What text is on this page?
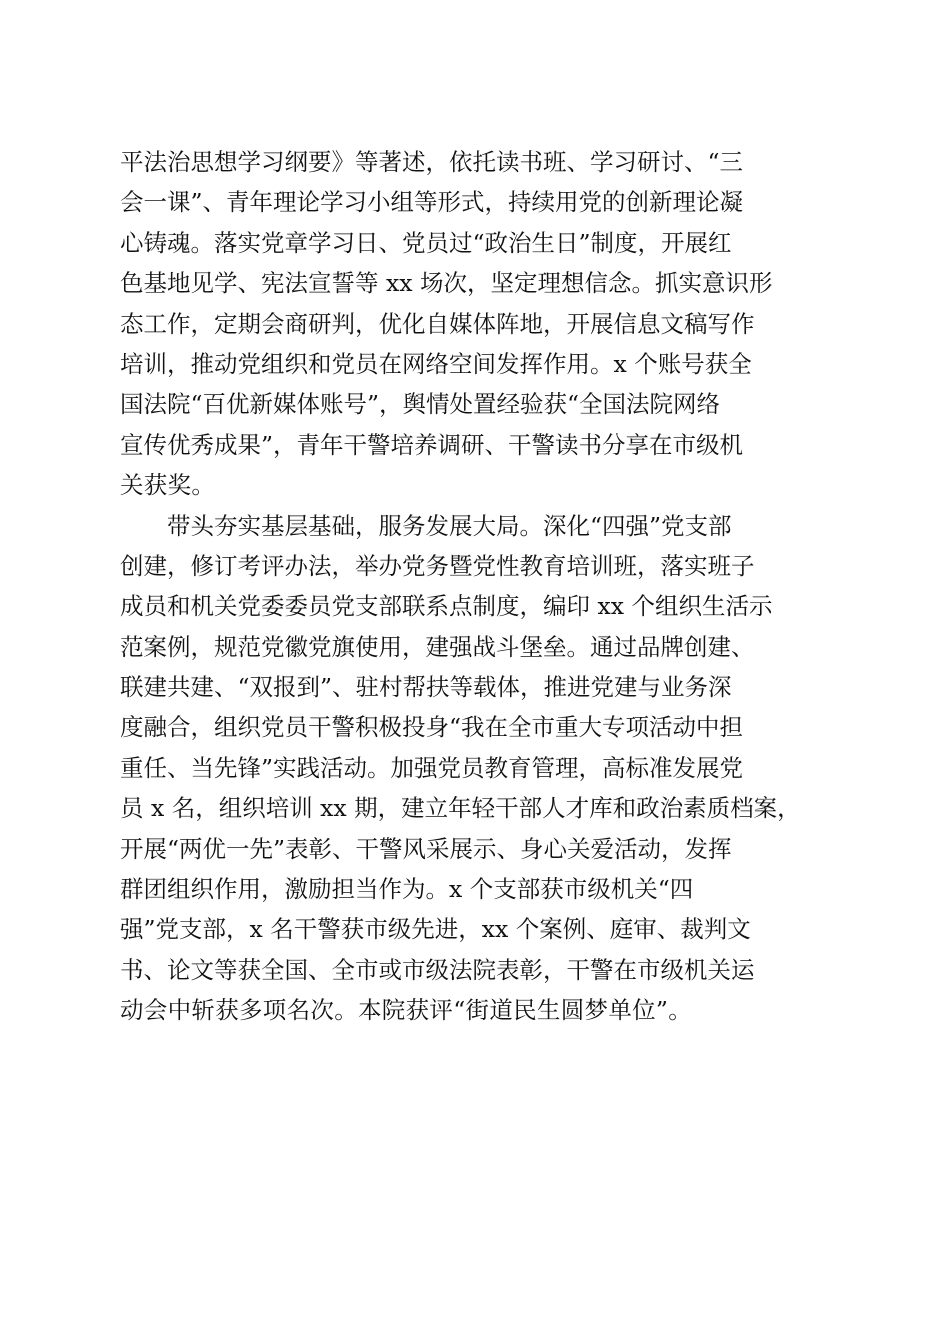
平法治思想学习纲要》等著述，依托读书班、学习研讨、“三
会一课”、青年理论学习小组等形式，持续用党的创新理论凝
心铸魂。落实党章学习日、党员过“政治生日”制度，开展红
色基地见学、宪法宣誓等 xx 场次，坚定理想信念。抓实意识形
态工作，定期会商研判，优化自媒体阵地，开展信息文稿写作
培训，推动党组织和党员在网络空间发挥作用。x 个账号获全
国法院“百优新媒体账号”，舆情处置经验获“全国法院网络
宣传优秀成果”，青年干警培养调研、干警读书分享在市级机
关获奖。
带头夯实基层基础，服务发展大局。深化“四强”党支部
创建，修订考评办法，举办党务暨党性教育培训班，落实班子
成员和机关党委委员党支部联系点制度，编印 xx 个组织生活示
范案例，规范党徽党旗使用，建强战斗堡垒。通过品牌创建、
联建共建、“双报到”、驻村帮扶等载体，推进党建与业务深
度融合，组织党员干警积极投身“我在全市重大专项活动中担
重任、当先锋”实践活动。加强党员教育管理，高标准发展党
员 x 名，组织培训 xx 期，建立年轻干部人才库和政治素质档案，
开展“两优一先”表彰、干警风采展示、身心关爱活动，发挥
群团组织作用，激励担当作为。x 个支部获市级机关“四
强”党支部，x 名干警获市级先进，xx 个案例、庭审、裁判文
书、论文等获全国、全市或市级法院表彰，干警在市级机关运
动会中斩获多项名次。本院获评“街道民生圆梦单位”。
